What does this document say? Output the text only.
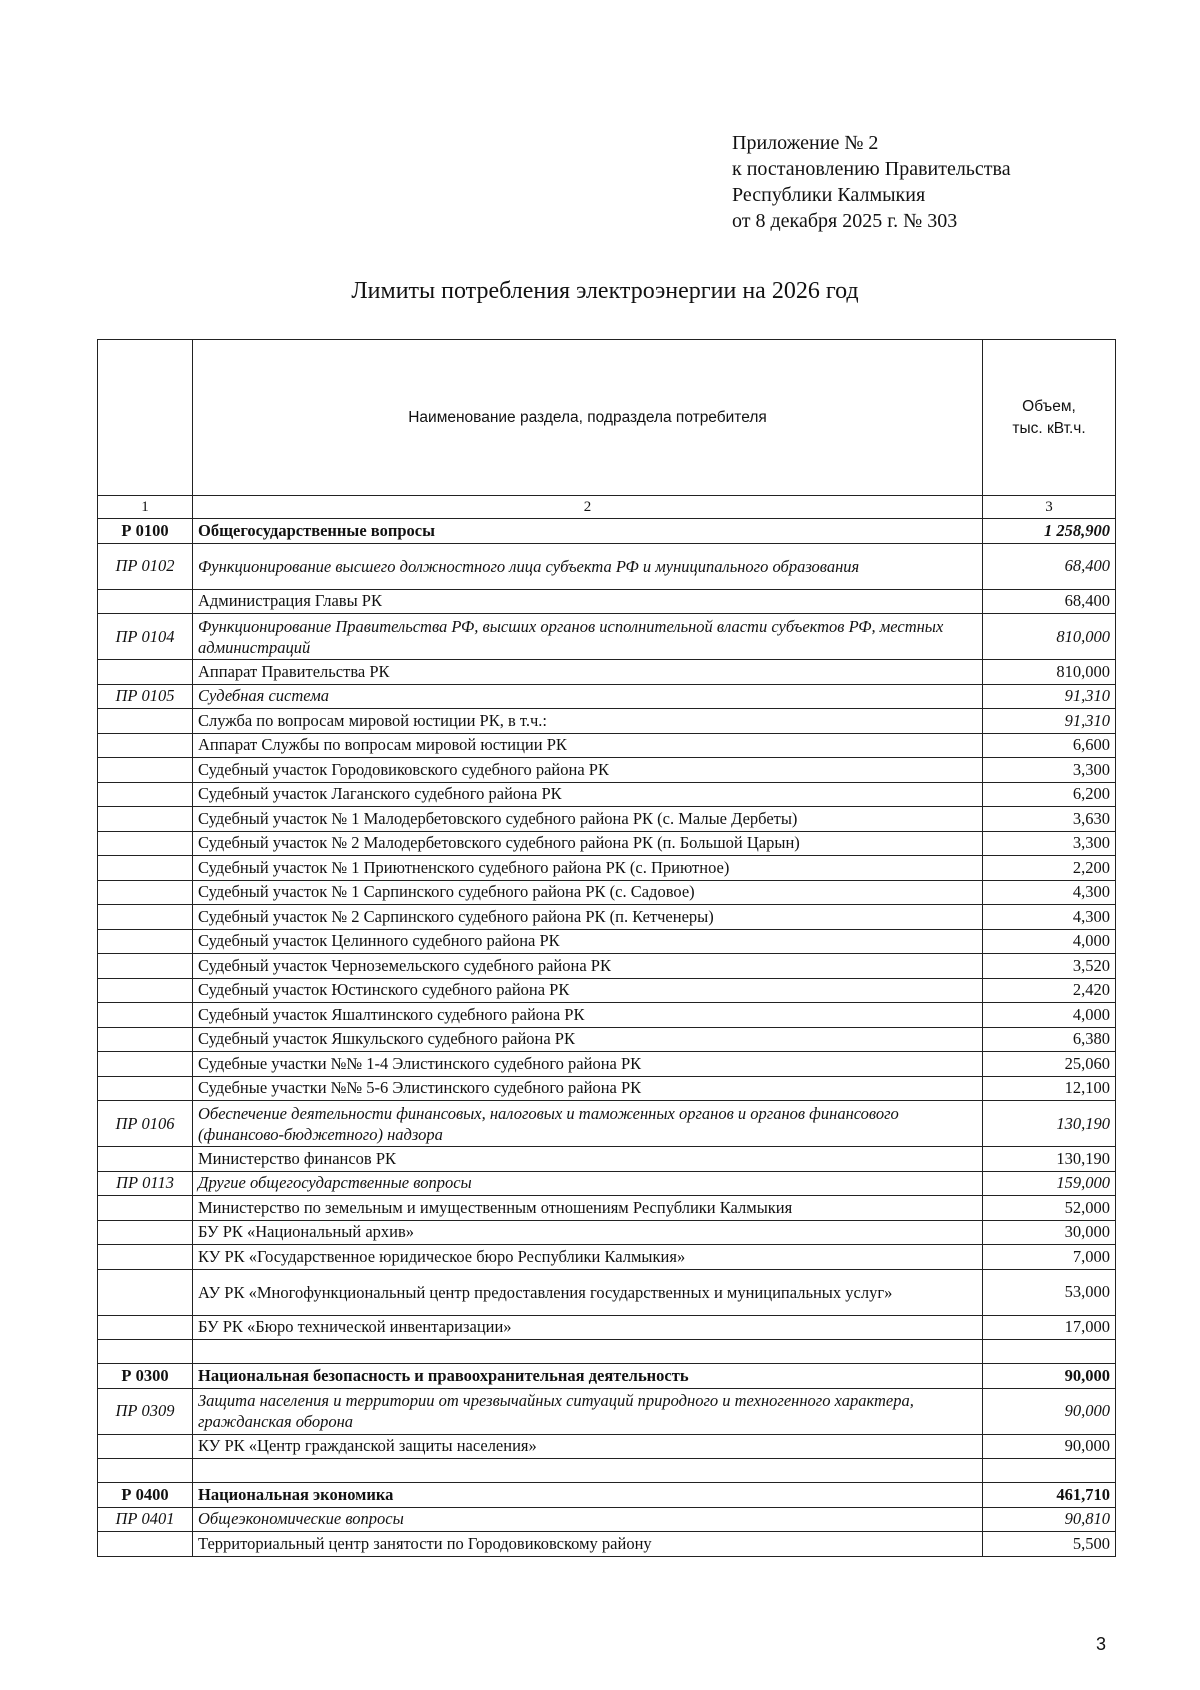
Приложение № 2
к постановлению Правительства
Республики Калмыкия
от 8 декабря 2025 г. № 303
Лимиты потребления электроэнергии на 2026 год
	Наименование раздела, подраздела потребителя	Объем,
тыс. кВт.ч.

1	2	3
Р 0100	Общегосударственные вопросы	1 258,900
ПР 0102	Функционирование высшего должностного лица субъекта РФ и муниципального образования	68,400
	Администрация Главы РК	68,400
ПР 0104	Функционирование Правительства РФ, высших органов исполнительной власти субъектов РФ, местных администраций	810,000
	Аппарат Правительства РК	810,000
ПР 0105	Судебная система	91,310
	Служба по вопросам мировой юстиции РК, в т.ч.:	91,310
	Аппарат Службы по вопросам мировой юстиции РК	6,600
	Судебный участок Городовиковского судебного района РК	3,300
	Судебный участок Лаганского судебного района РК	6,200
	Судебный участок № 1 Малодербетовского судебного района РК (с. Малые Дербеты)	3,630
	Судебный участок № 2 Малодербетовского судебного района РК (п. Большой Царын)	3,300
	Судебный участок № 1 Приютненского судебного района РК (с. Приютное)	2,200
	Судебный участок № 1 Сарпинского судебного района РК (с. Садовое)	4,300
	Судебный участок № 2 Сарпинского судебного района РК (п. Кетченеры)	4,300
	Судебный участок Целинного судебного района РК	4,000
	Судебный участок Черноземельского судебного района РК	3,520
	Судебный участок Юстинского судебного района РК	2,420
	Судебный участок Яшалтинского судебного района РК	4,000
	Судебный участок Яшкульского судебного района РК	6,380
	Судебные участки №№ 1-4 Элистинского судебного района РК	25,060
	Судебные участки №№ 5-6 Элистинского судебного района РК	12,100
ПР 0106	Обеспечение деятельности финансовых, налоговых и таможенных органов и органов финансового (финансово-бюджетного) надзора	130,190
	Министерство финансов РК	130,190
ПР 0113	Другие общегосударственные вопросы	159,000
	Министерство по земельным и имущественным отношениям Республики Калмыкия	52,000
	БУ РК «Национальный архив»	30,000
	КУ РК «Государственное юридическое бюро Республики Калмыкия»	7,000
	АУ РК «Многофункциональный центр предоставления государственных и муниципальных услуг»	53,000
	БУ РК «Бюро технической инвентаризации»	17,000

Р 0300	Национальная безопасность и правоохранительная деятельность	90,000
ПР 0309	Защита населения и территории от чрезвычайных ситуаций природного и техногенного характера, гражданская оборона	90,000
	КУ РК «Центр гражданской защиты населения»	90,000

Р 0400	Национальная экономика	461,710
ПР 0401	Общеэкономические вопросы	90,810
	Территориальный центр занятости по Городовиковскому району	5,500
3
